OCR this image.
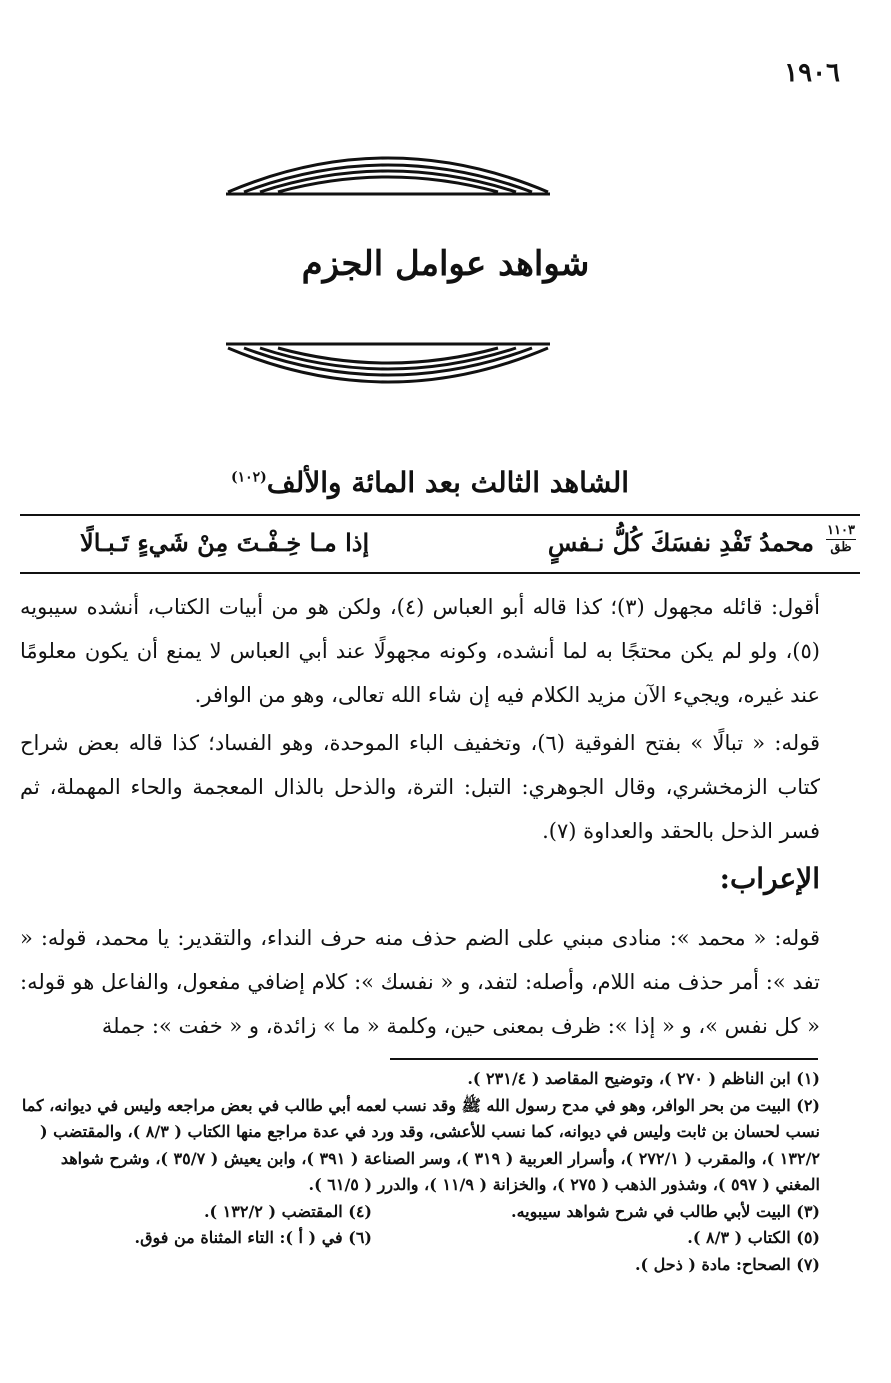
١٩٠٦
شواهد عوامل الجزم
الشاهد الثالث بعد المائة والألف$^{(١٠٢)}$
١١٠٣
ظق
محمدُ تَفْدِ نفسَكَ كُلُّ نـفسٍ
إذا مـا خِـفْـتَ مِنْ شَيءٍ تَـبـالًا

أقول: قائله مجهول (٣)؛ كذا قاله أبو العباس (٤)، ولكن هو من أبيات الكتاب، أنشده سيبويه (٥)، ولو لم يكن محتجًا به لما أنشده، وكونه مجهولًا عند أبي العباس لا يمنع أن يكون معلومًا عند غيره، ويجيء الآن مزيد الكلام فيه إن شاء الله تعالى، وهو من الوافر.

قوله: « تبالًا » بفتح الفوقية (٦)، وتخفيف الباء الموحدة، وهو الفساد؛ كذا قاله بعض شراح كتاب الزمخشري، وقال الجوهري: التبل: الترة، والذحل بالذال المعجمة والحاء المهملة، ثم فسر الذحل بالحقد والعداوة (٧).

الإعراب:

قوله: « محمد »: منادى مبني على الضم حذف منه حرف النداء، والتقدير: يا محمد، قوله: « تفد »: أمر حذف منه اللام، وأصله: لتفد، و « نفسك »: كلام إضافي مفعول، والفاعل هو قوله: « كل نفس »، و « إذا »: ظرف بمعنى حين، وكلمة « ما » زائدة، و « خفت »: جملة

(١) ابن الناظم ( ٢٧٠ )، وتوضيح المقاصد ( ٢٣١/٤ ).

(٢) البيت من بحر الوافر، وهو في مدح رسول الله ﷺ وقد نسب لعمه أبي طالب في بعض مراجعه وليس في ديوانه، كما نسب لحسان بن ثابت وليس في ديوانه، كما نسب للأعشى، وقد ورد في عدة مراجع منها الكتاب ( ٨/٣ )، والمقتضب ( ١٣٢/٢ )، والمقرب ( ٢٧٢/١ )، وأسرار العربية ( ٣١٩ )، وسر الصناعة ( ٣٩١ )، وابن يعيش ( ٣٥/٧ )، وشرح شواهد المغني ( ٥٩٧ )، وشذور الذهب ( ٢٧٥ )، والخزانة ( ١١/٩ )، والدرر ( ٦١/٥ ).

(٣) البيت لأبي طالب في شرح شواهد سيبويه.

(٤) المقتضب ( ١٣٢/٢ ).

(٥) الكتاب ( ٨/٣ ).

(٦) في ( أ ): التاء المثناة من فوق.

(٧) الصحاح: مادة ( ذحل ).
